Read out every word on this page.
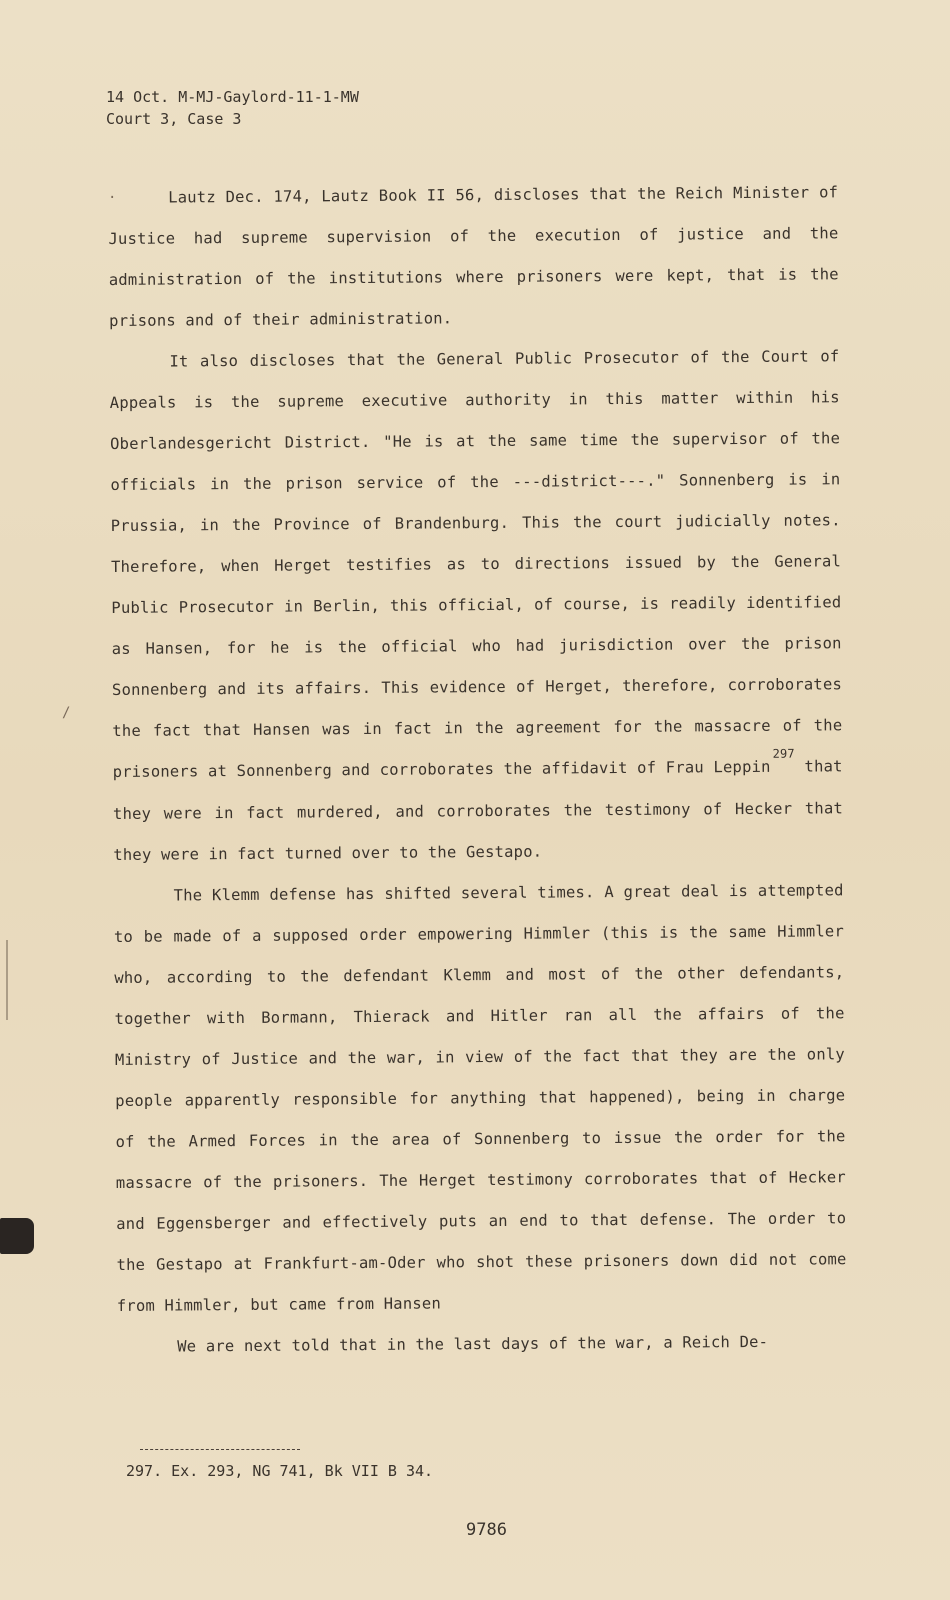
14 Oct. M-MJ-Gaylord-11-1-MW
Court 3, Case 3

Lautz Dec. 174, Lautz Book II 56, discloses that the Reich Minister of Justice had supreme supervision of the execution of justice and the administration of the institutions where prisoners were kept, that is the prisons and of their administration.

It also discloses that the General Public Prosecutor of the Court of Appeals is the supreme executive authority in this matter within his Oberlandesgericht District. "He is at the same time the supervisor of the officials in the prison service of the ---district---." Sonnenberg is in Prussia, in the Province of Brandenburg. This the court judicially notes. Therefore, when Herget testifies as to directions issued by the General Public Prosecutor in Berlin, this official, of course, is readily identified as Hansen, for he is the official who had jurisdiction over the prison Sonnenberg and its affairs. This evidence of Herget, therefore, corroborates the fact that Hansen was in fact in the agreement for the massacre of the prisoners at Sonnenberg and corroborates the affidavit of Frau Leppin$^{297}$ that they were in fact murdered, and corroborates the testimony of Hecker that they were in fact turned over to the Gestapo.

The Klemm defense has shifted several times. A great deal is attempted to be made of a supposed order empowering Himmler (this is the same Himmler who, according to the defendant Klemm and most of the other defendants, together with Bormann, Thierack and Hitler ran all the affairs of the Ministry of Justice and the war, in view of the fact that they are the only people apparently responsible for anything that happened), being in charge of the Armed Forces in the area of Sonnenberg to issue the order for the massacre of the prisoners. The Herget testimony corroborates that of Hecker and Eggensberger and effectively puts an end to that defense. The order to the Gestapo at Frankfurt-am-Oder who shot these prisoners down did not come from Himmler, but came from Hansen

We are next told that in the last days of the war, a Reich De-

297. Ex. 293, NG 741, Bk VII B 34.
9786
.
/
